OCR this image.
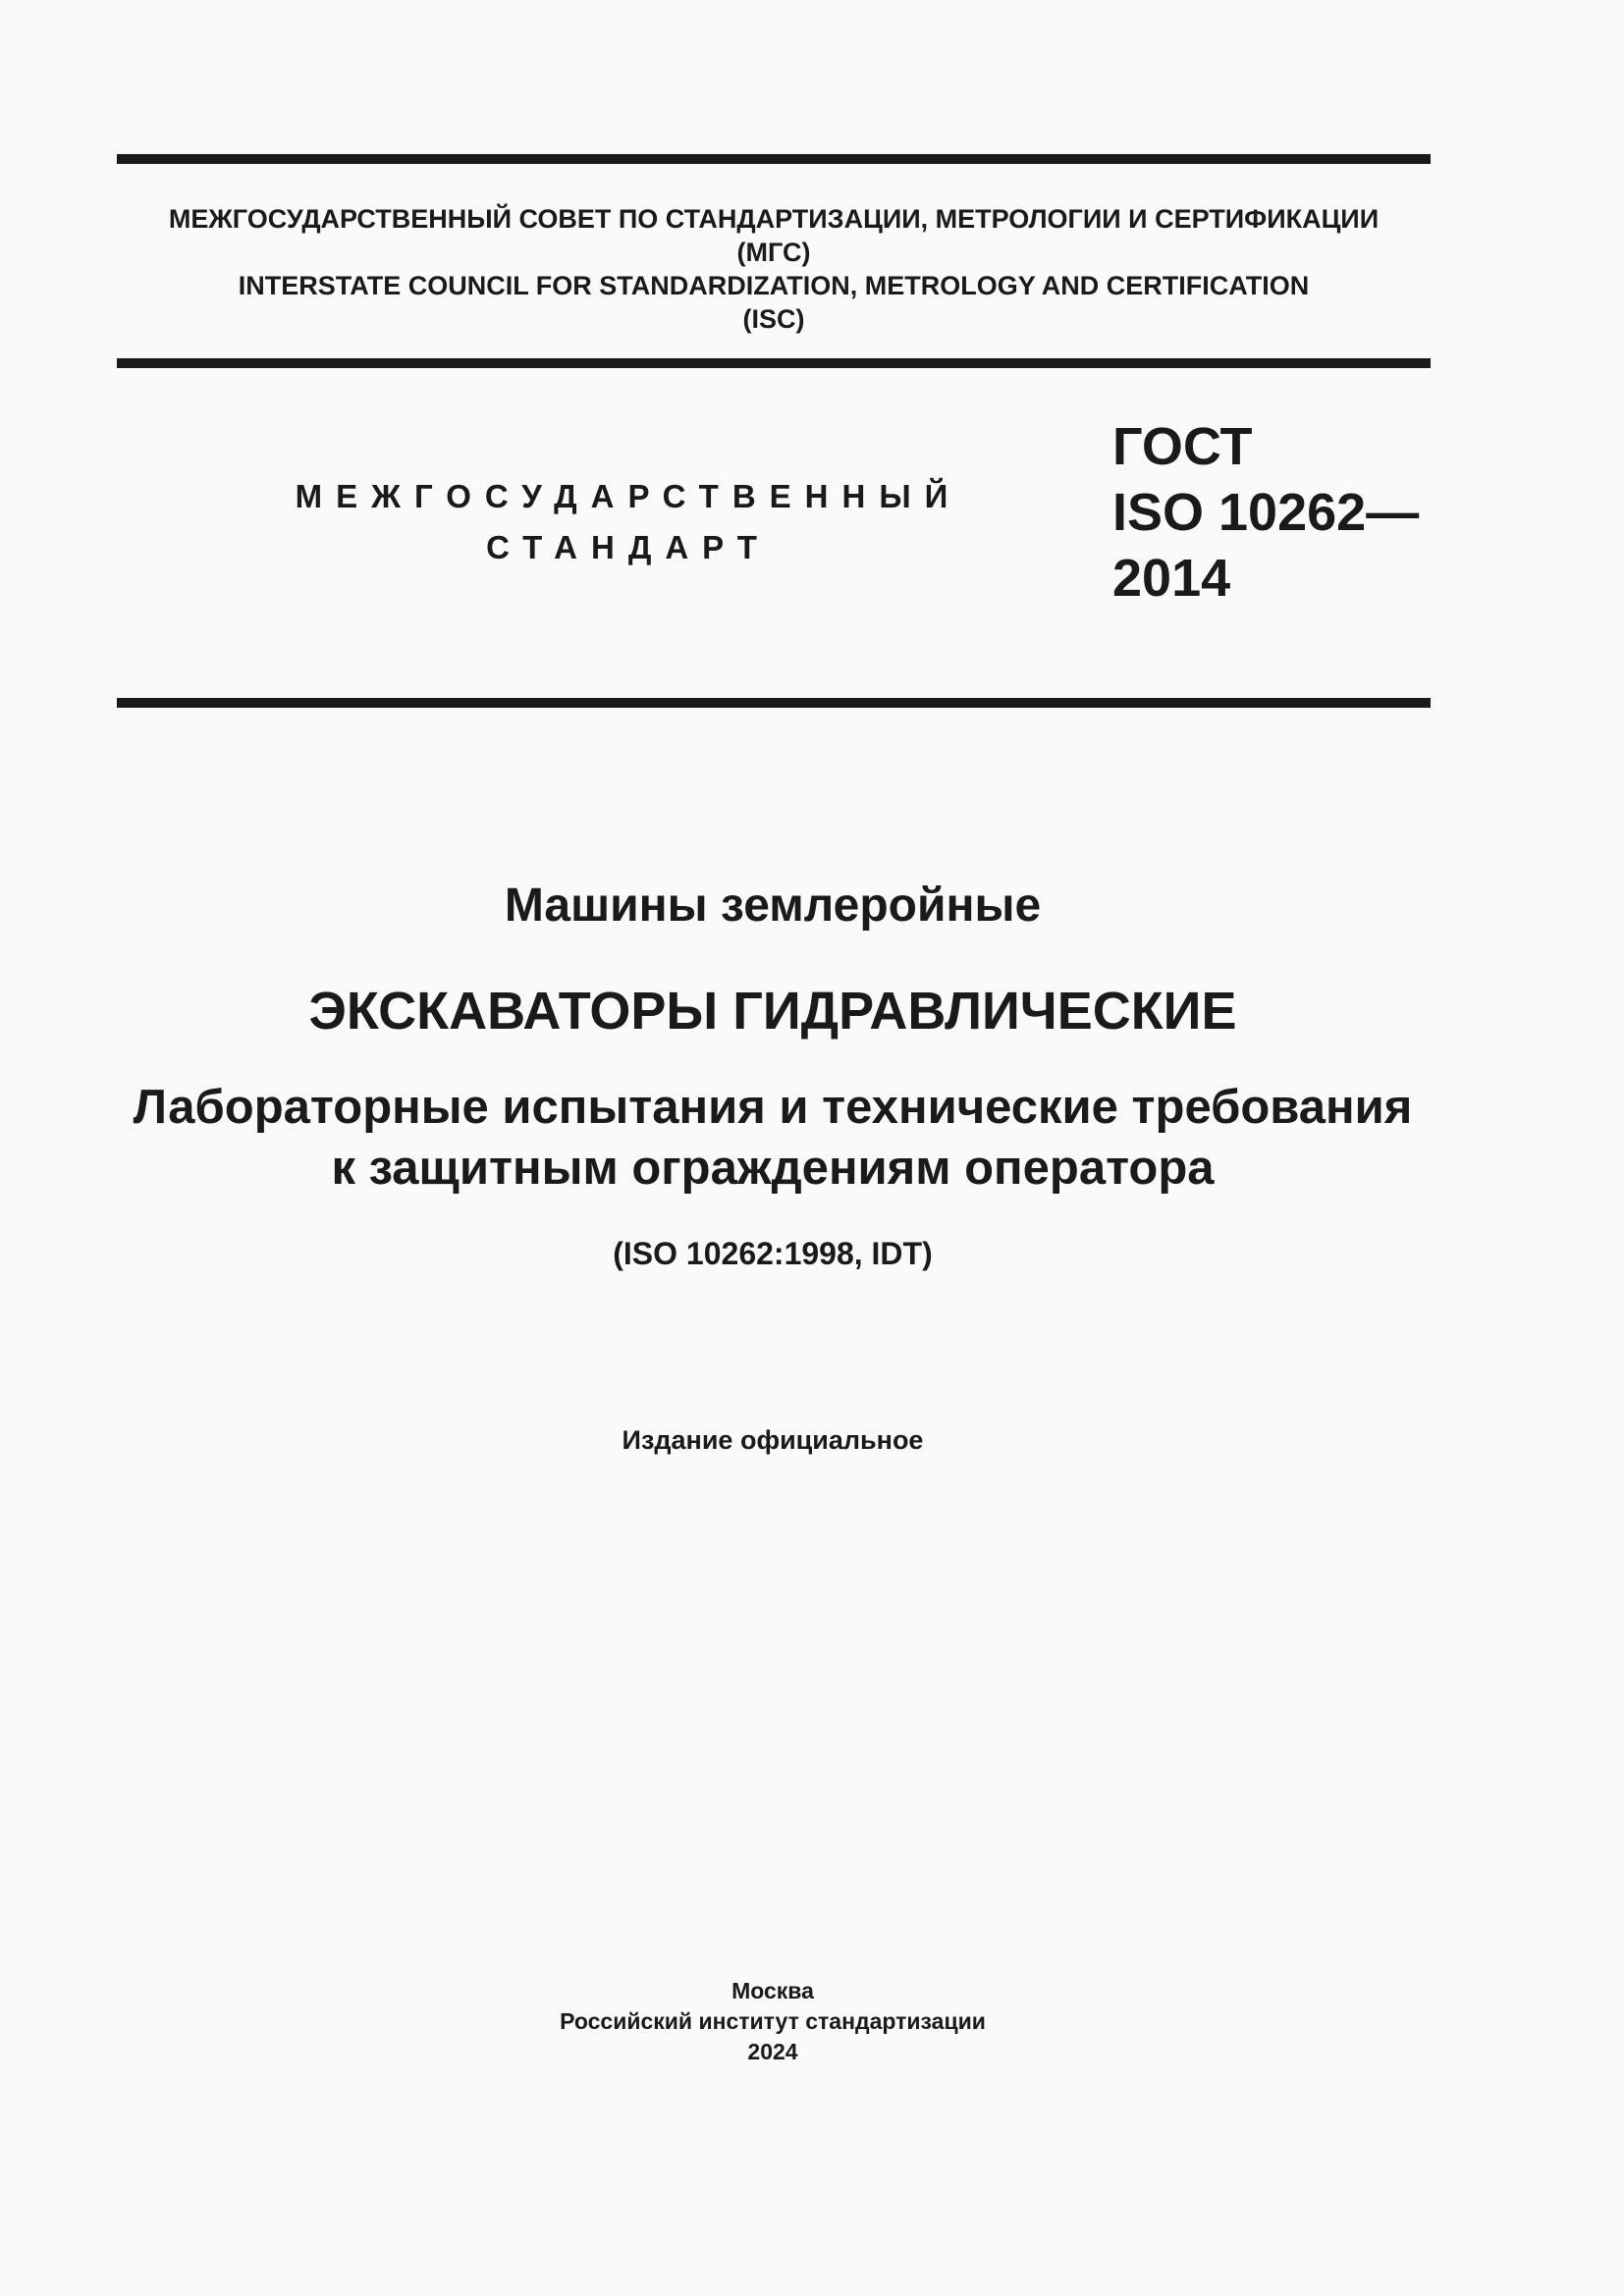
МЕЖГОСУДАРСТВЕННЫЙ СОВЕТ ПО СТАНДАРТИЗАЦИИ, МЕТРОЛОГИИ И СЕРТИФИКАЦИИ
(МГС)
INTERSTATE COUNCIL FOR STANDARDIZATION, METROLOGY AND CERTIFICATION
(ISC)
МЕЖГОСУДАРСТВЕННЫЙ
СТАНДАРТ
ГОСТ
ISO 10262—
2014
Машины землеройные
ЭКСКАВАТОРЫ ГИДРАВЛИЧЕСКИЕ
Лабораторные испытания и технические требования
к защитным ограждениям оператора
(ISO 10262:1998, IDT)
Издание официальное
Москва
Российский институт стандартизации
2024
